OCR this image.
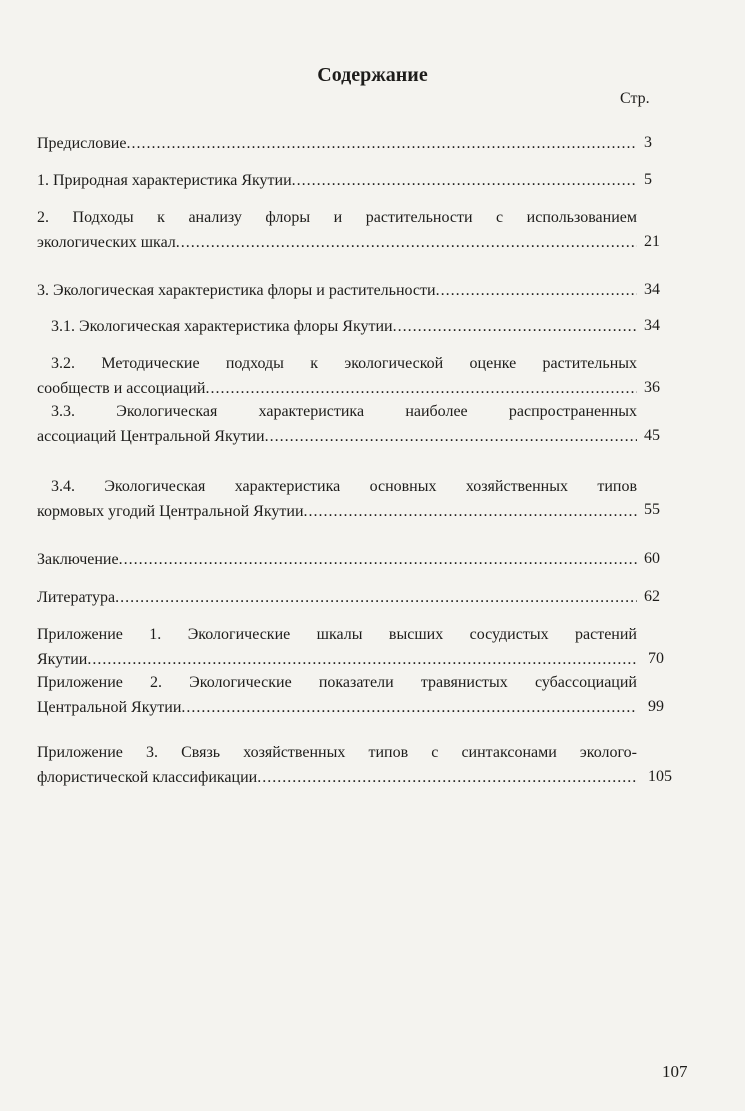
Содержание
Стр.
Предисловие .....	3
1. Природная характеристика Якутии .....	5
2. Подходы к анализу флоры и растительности с использованием
экологических шкал .....	21
3. Экологическая характеристика флоры и растительности .....	34
3.1. Экологическая характеристика флоры Якутии .....	34
3.2. Методические подходы к экологической оценке растительных
сообществ и ассоциаций .....	36
3.3. Экологическая характеристика наиболее распространенных
ассоциаций Центральной Якутии .....	45
3.4. Экологическая характеристика основных хозяйственных типов
кормовых угодий Центральной Якутии .....	55
Заключение .....	60
Литература .....	62
Приложение 1. Экологические шкалы высших сосудистых растений
Якутии .....	70
Приложение 2. Экологические показатели травянистых субассоциаций
Центральной Якутии .....	99
Приложение 3. Связь хозяйственных типов с синтаксонами эколого-
флористической классификации .....	105
107
